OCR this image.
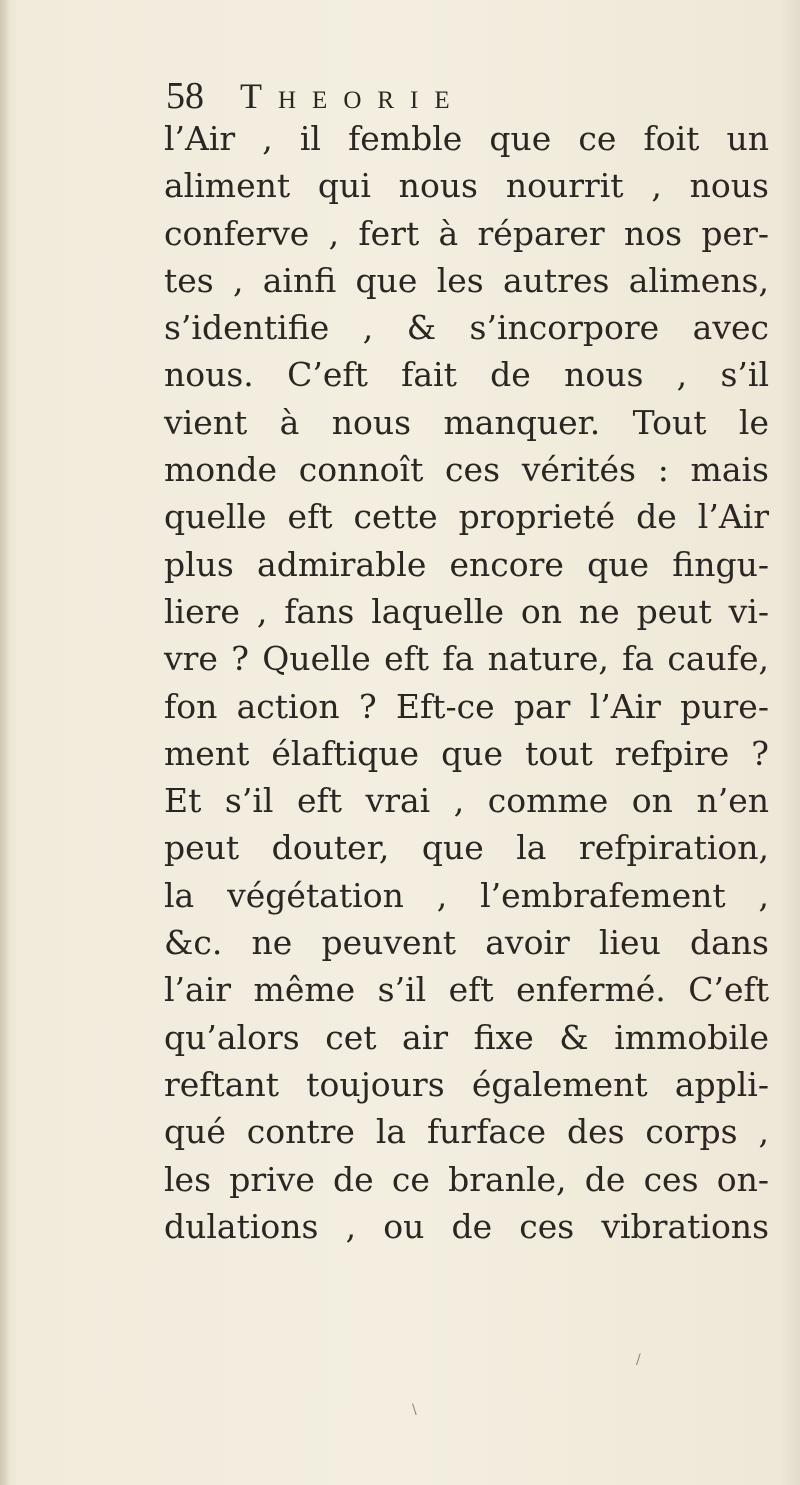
58	Theorie
l’Air , il femble que ce foit un
aliment qui nous nourrit , nous
conferve , fert à réparer nos per-
tes , ainfi que les autres alimens,
s’identifie , & s’incorpore avec
nous. C’eft fait de nous , s’il
vient à nous manquer. Tout le
monde connoît ces vérités : mais
quelle eft cette proprieté de l’Air
plus admirable encore que fingu-
liere , fans laquelle on ne peut vi-
vre ? Quelle eft fa nature, fa caufe,
fon action ? Eft-ce par l’Air pure-
ment élaftique que tout refpire ?
Et s’il eft vrai , comme on n’en
peut douter, que la refpiration,
la végétation , l’embrafement ,
&c. ne peuvent avoir lieu dans
l’air même s’il eft enfermé. C’eft
qu’alors cet air fixe & immobile
reftant toujours également appli-
qué contre la furface des corps ,
les prive de ce branle, de ces on-
dulations , ou de ces vibrations
/
\
